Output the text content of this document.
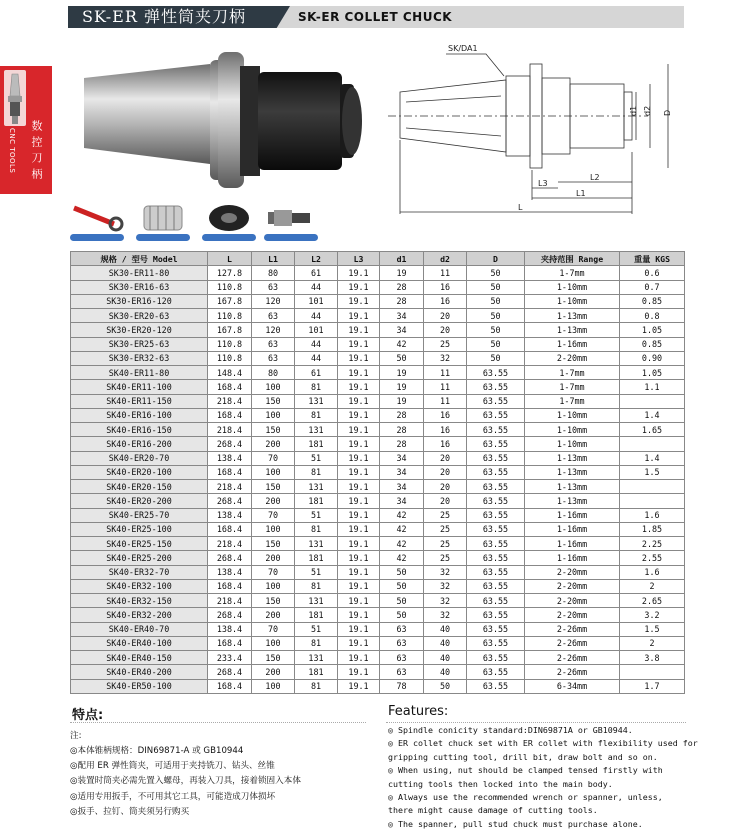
SK-ER 弹性筒夹刀柄	SK-ER COLLET CHUCK
CNC TOOLS 数控刀柄
SK/DA1
d1 d2 D
L3
L2
L1
L
规格 / 型号 Model	L	L1	L2	L3	d1	d2	D	夹持范围 Range	重量 KGS
SK30-ER11-80	127.8	80	61	19.1	19	11	50	1-7mm	0.6
SK30-ER16-63	110.8	63	44	19.1	28	16	50	1-10mm	0.7
SK30-ER16-120	167.8	120	101	19.1	28	16	50	1-10mm	0.85
SK30-ER20-63	110.8	63	44	19.1	34	20	50	1-13mm	0.8
SK30-ER20-120	167.8	120	101	19.1	34	20	50	1-13mm	1.05
SK30-ER25-63	110.8	63	44	19.1	42	25	50	1-16mm	0.85
SK30-ER32-63	110.8	63	44	19.1	50	32	50	2-20mm	0.90
SK40-ER11-80	148.4	80	61	19.1	19	11	63.55	1-7mm	1.05
SK40-ER11-100	168.4	100	81	19.1	19	11	63.55	1-7mm	1.1
SK40-ER11-150	218.4	150	131	19.1	19	11	63.55	1-7mm	
SK40-ER16-100	168.4	100	81	19.1	28	16	63.55	1-10mm	1.4
SK40-ER16-150	218.4	150	131	19.1	28	16	63.55	1-10mm	1.65
SK40-ER16-200	268.4	200	181	19.1	28	16	63.55	1-10mm	
SK40-ER20-70	138.4	70	51	19.1	34	20	63.55	1-13mm	1.4
SK40-ER20-100	168.4	100	81	19.1	34	20	63.55	1-13mm	1.5
SK40-ER20-150	218.4	150	131	19.1	34	20	63.55	1-13mm	
SK40-ER20-200	268.4	200	181	19.1	34	20	63.55	1-13mm	
SK40-ER25-70	138.4	70	51	19.1	42	25	63.55	1-16mm	1.6
SK40-ER25-100	168.4	100	81	19.1	42	25	63.55	1-16mm	1.85
SK40-ER25-150	218.4	150	131	19.1	42	25	63.55	1-16mm	2.25
SK40-ER25-200	268.4	200	181	19.1	42	25	63.55	1-16mm	2.55
SK40-ER32-70	138.4	70	51	19.1	50	32	63.55	2-20mm	1.6
SK40-ER32-100	168.4	100	81	19.1	50	32	63.55	2-20mm	2
SK40-ER32-150	218.4	150	131	19.1	50	32	63.55	2-20mm	2.65
SK40-ER32-200	268.4	200	181	19.1	50	32	63.55	2-20mm	3.2
SK40-ER40-70	138.4	70	51	19.1	63	40	63.55	2-26mm	1.5
SK40-ER40-100	168.4	100	81	19.1	63	40	63.55	2-26mm	2
SK40-ER40-150	233.4	150	131	19.1	63	40	63.55	2-26mm	3.8
SK40-ER40-200	268.4	200	181	19.1	63	40	63.55	2-26mm	
SK40-ER50-100	168.4	100	81	19.1	78	50	63.55	6-34mm	1.7
特点:
注:
◎本体锥柄规格：DIN69871-A 或 GB10944
◎配用 ER 弹性筒夹，可适用于夹持铣刀、钻头、丝锥
◎装置时筒夹必需先置入螺母，再装入刀具，接着锁固入本体
◎适用专用扳手，不可用其它工具，可能造成刀体损坏
◎扳手、拉钉、筒夹须另行购买
Features:
◎ Spindle conicity standard:DIN69871A or GB10944.
◎ ER collet chuck set with ER collet with flexibility used for
gripping cutting tool, drill bit, draw bolt and so on.
◎ When using, nut should be clamped tensed firstly with
cutting tools then locked into the main body.
◎ Always use the recommended wrench or spanner, unless,
there might cause damage of cutting tools.
◎ The spanner, pull stud chuck must purchase alone.
